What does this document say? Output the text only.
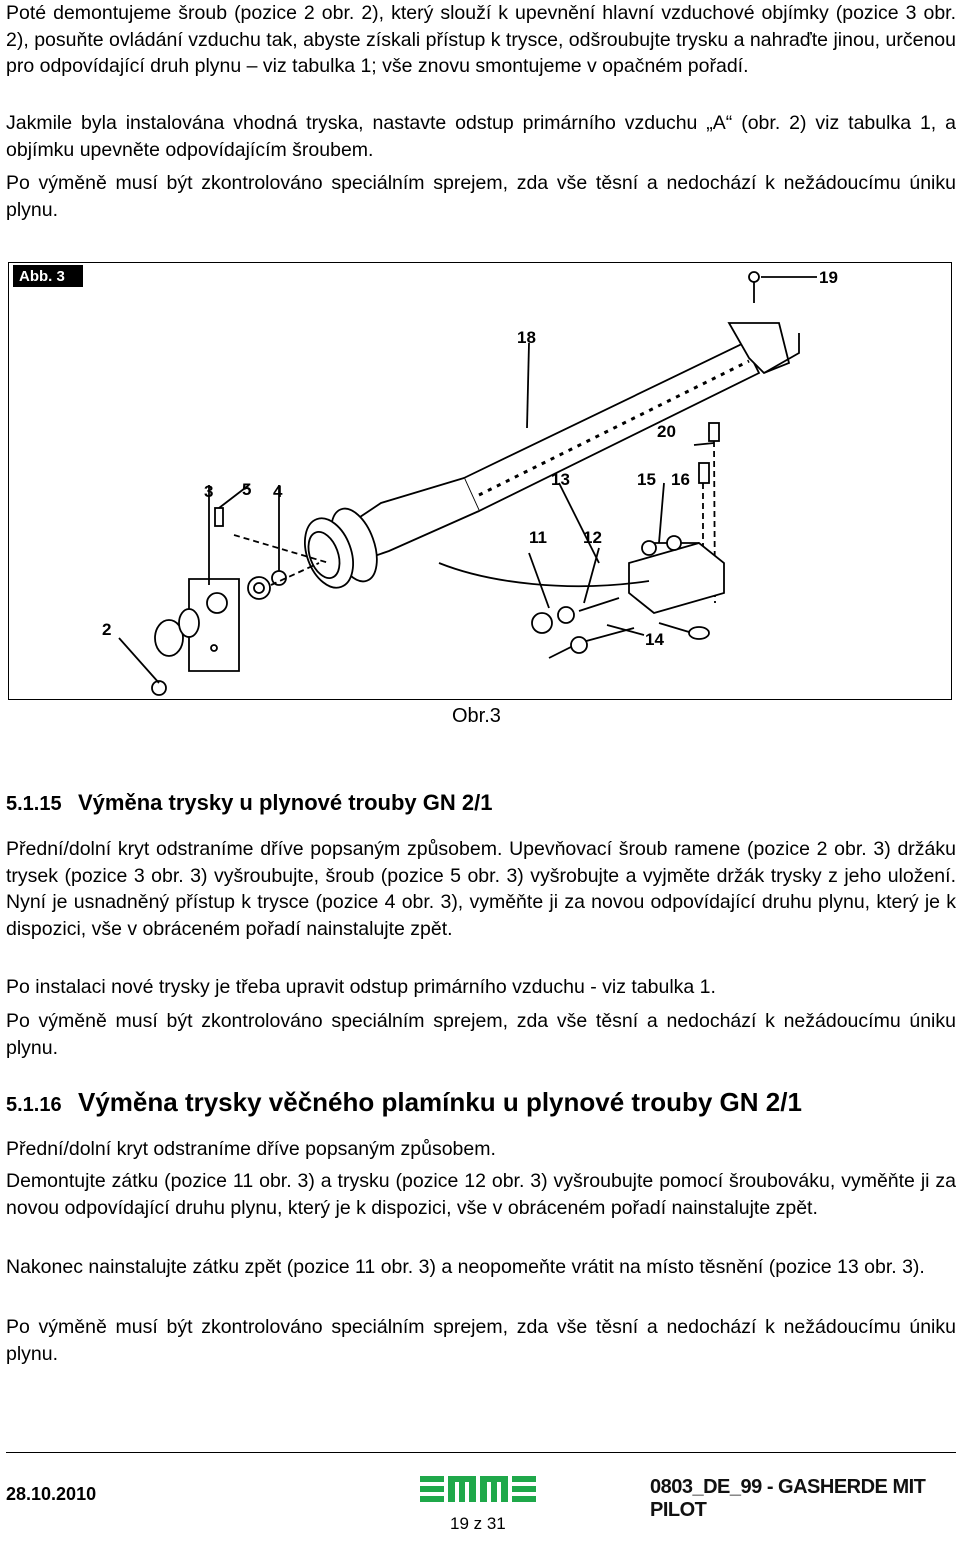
Poté demontujeme šroub (pozice 2 obr. 2), který slouží k upevnění hlavní vzduchové objímky (pozice 3 obr. 2), posuňte ovládání vzduchu tak, abyste získali přístup k trysce, odšroubujte trysku a nahraďte jinou, určenou pro odpovídající druh plynu – viz tabulka 1; vše znovu smontujeme v opačném pořadí.

Jakmile byla instalována vhodná tryska, nastavte odstup primárního vzduchu „A“ (obr. 2) viz tabulka 1, a objímku upevněte odpovídajícím šroubem.

Po výměně musí být zkontrolováno speciálním sprejem, zda vše těsní a nedochází k nežádoucímu úniku plynu.

Abb. 3	19
18
20
3 5 4
13	15 16
11 12
2
14
Obr.3
5.1.15 Výměna trysky u plynové trouby GN 2/1

Přední/dolní kryt odstraníme dříve popsaným způsobem. Upevňovací šroub ramene (pozice 2 obr. 3) držáku trysek (pozice 3 obr. 3) vyšroubujte, šroub (pozice 5 obr. 3) vyšrobujte a vyjměte držák trysky z jeho uložení. Nyní je usnadněný přístup k trysce (pozice 4 obr. 3), vyměňte ji za novou odpovídající druhu plynu, který je k dispozici, vše v obráceném pořadí nainstalujte zpět.

Po instalaci nové trysky je třeba upravit odstup primárního vzduchu - viz tabulka 1.

Po výměně musí být zkontrolováno speciálním sprejem, zda vše těsní a nedochází k nežádoucímu úniku plynu.

5.1.16 Výměna trysky věčného plamínku u plynové trouby GN 2/1

Přední/dolní kryt odstraníme dříve popsaným způsobem.

Demontujte zátku (pozice 11 obr. 3) a trysku (pozice 12 obr. 3) vyšroubujte pomocí šroubováku, vyměňte ji za novou odpovídající druhu plynu, který je k dispozici, vše v obráceném pořadí nainstalujte zpět.

Nakonec nainstalujte zátku zpět (pozice 11 obr. 3) a neopomeňte vrátit na místo těsnění (pozice 13 obr. 3).

Po výměně musí být zkontrolováno speciálním sprejem, zda vše těsní a nedochází k nežádoucímu úniku plynu.

28.10.2010	0803_DE_99 - GASHERDE MIT PILOT
19 z 31
